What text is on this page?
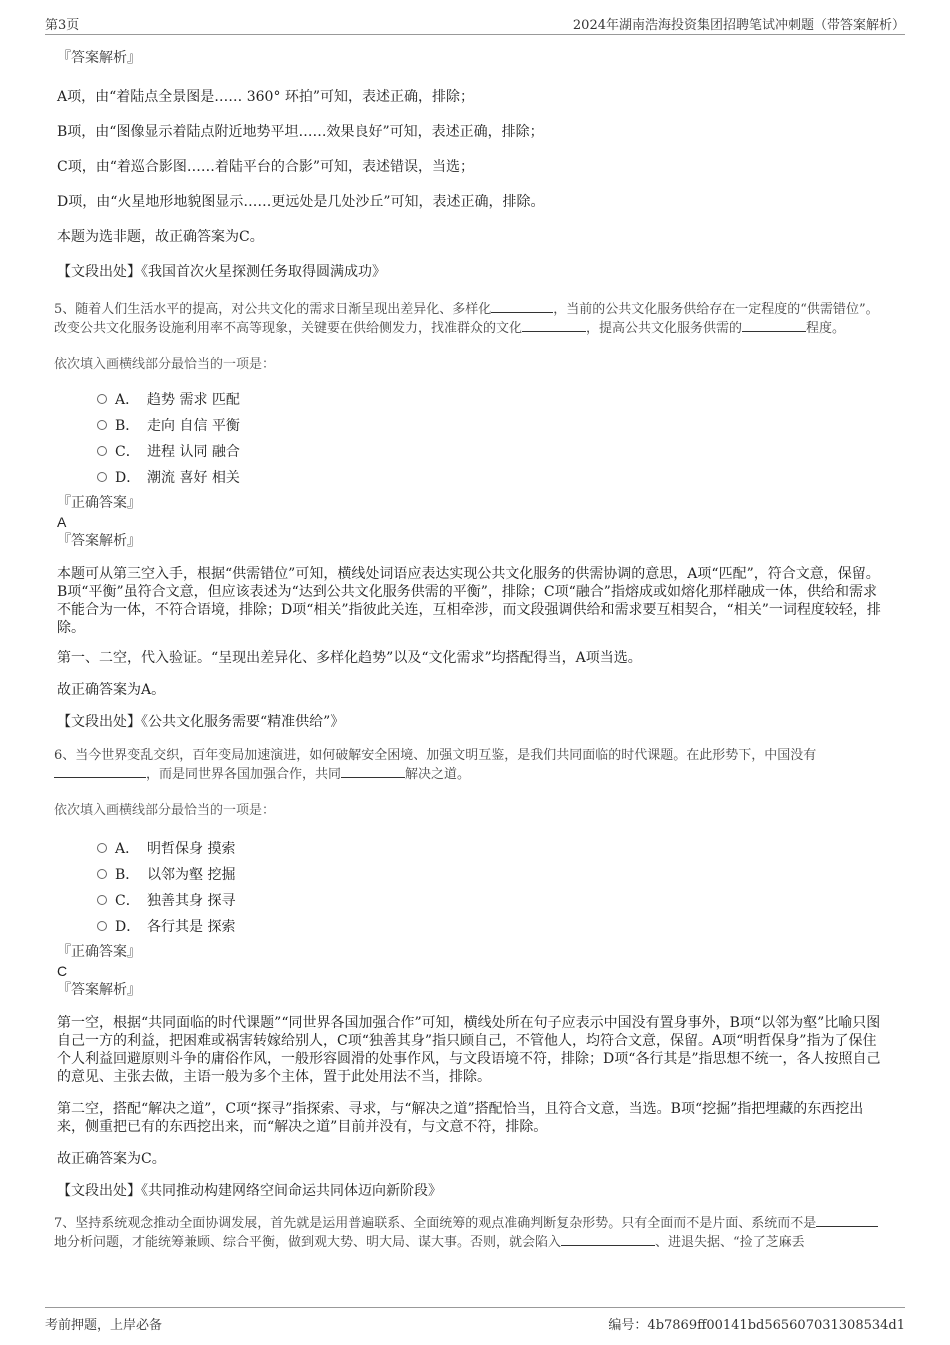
第3页	2024年湖南浩海投资集团招聘笔试冲刺题（带答案解析）
『答案解析』
A项，由“着陆点全景图是…… 360° 环拍”可知，表述正确，排除；
B项，由“图像显示着陆点附近地势平坦……效果良好”可知，表述正确，排除；
C项，由“着巡合影图……着陆平台的合影”可知，表述错误，当选；
D项，由“火星地形地貌图显示……更远处是几处沙丘”可知，表述正确，排除。
本题为选非题，故正确答案为C。
【文段出处】《我国首次火星探测任务取得圆满成功》
5、随着人们生活水平的提高，对公共文化的需求日渐呈现出差异化、多样化	，当前的公共文化服务供给存在一定程度的“供需错位”。改变公共文化服务设施利用率不高等现象，关键要在供给侧发力，找准群众的文化	，提高公共文化服务供需的	程度。
依次填入画横线部分最恰当的一项是：
A． 趋势 需求 匹配
B． 走向 自信 平衡
C． 进程 认同 融合
D． 潮流 喜好 相关
『正确答案』
A
『答案解析』
本题可从第三空入手，根据“供需错位”可知，横线处词语应表达实现公共文化服务的供需协调的意思，A项“匹配”，符合文意，保留。B项“平衡”虽符合文意，但应该表述为“达到公共文化服务供需的平衡”，排除；C项“融合”指熔成或如熔化那样融成一体，供给和需求不能合为一体，不符合语境，排除；D项“相关”指彼此关连，互相牵涉，而文段强调供给和需求要互相契合，“相关”一词程度较轻，排除。
第一、二空，代入验证。“呈现出差异化、多样化趋势”以及“文化需求”均搭配得当，A项当选。
故正确答案为A。
【文段出处】《公共文化服务需要“精准供给”》
6、当今世界变乱交织，百年变局加速演进，如何破解安全困境、加强文明互鉴，是我们共同面临的时代课题。在此形势下，中国没有，而是同世界各国加强合作，共同	解决之道。
依次填入画横线部分最恰当的一项是：
A． 明哲保身 摸索
B． 以邻为壑 挖掘
C． 独善其身 探寻
D． 各行其是 探索
『正确答案』
C
『答案解析』
第一空，根据“共同面临的时代课题”“同世界各国加强合作”可知，横线处所在句子应表示中国没有置身事外，B项“以邻为壑”比喻只图自己一方的利益，把困难或祸害转嫁给别人，C项“独善其身”指只顾自己，不管他人，均符合文意，保留。A项“明哲保身”指为了保住个人利益回避原则斗争的庸俗作风，一般形容圆滑的处事作风，与文段语境不符，排除；D项“各行其是”指思想不统一，各人按照自己的意见、主张去做，主语一般为多个主体，置于此处用法不当，排除。
第二空，搭配“解决之道”，C项“探寻”指探索、寻求，与“解决之道”搭配恰当，且符合文意，当选。B项“挖掘”指把埋藏的东西挖出来，侧重把已有的东西挖出来，而“解决之道”目前并没有，与文意不符，排除。
故正确答案为C。
【文段出处】《共同推动构建网络空间命运共同体迈向新阶段》
7、坚持系统观念推动全面协调发展，首先就是运用普遍联系、全面统筹的观点准确判断复杂形势。只有全面而不是片面、系统而不是地分析问题，才能统筹兼顾、综合平衡，做到观大势、明大局、谋大事。否则，就会陷入	、进退失据、“捡了芝麻丢
考前押题，上岸必备	编号：4b7869ff00141bd565607031308534d1
